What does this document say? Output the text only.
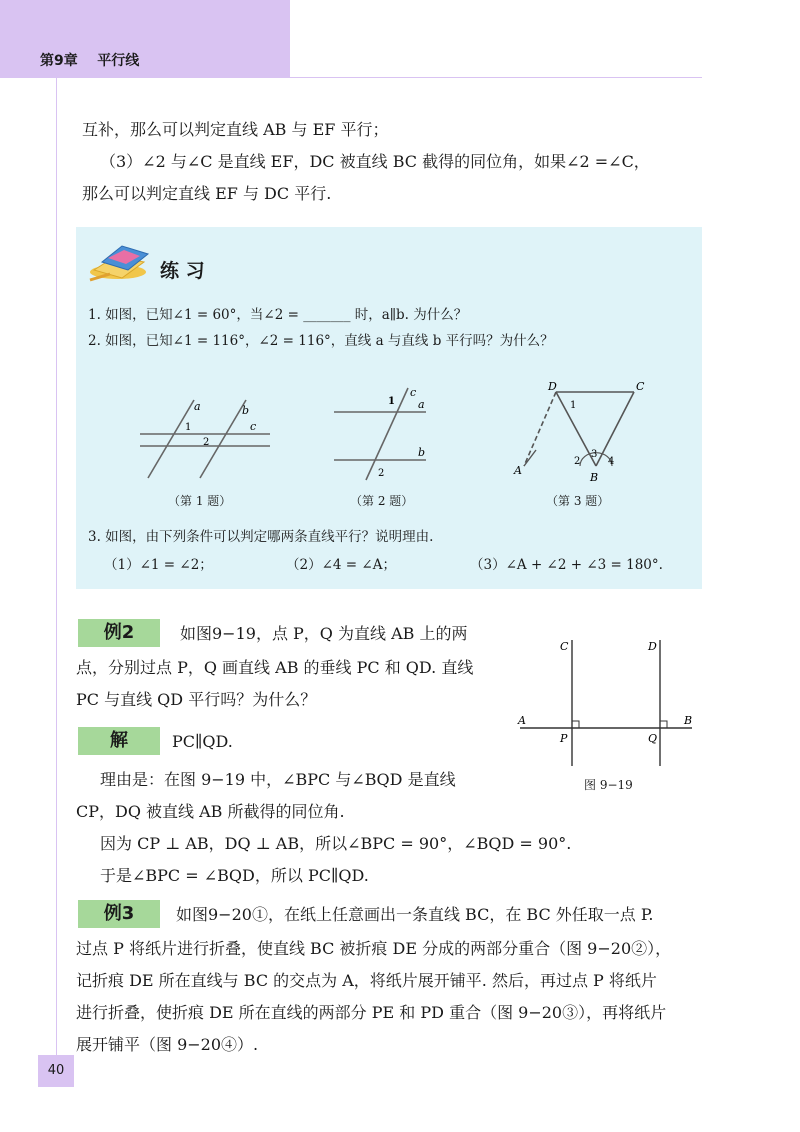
第9章    平行线
互补，那么可以判定直线 AB 与 EF 平行；
（3）∠2 与∠C 是直线 EF，DC 被直线 BC 截得的同位角，如果∠2 =∠C，
那么可以判定直线 EF 与 DC 平行.
练 习
1. 如图，已知∠1 = 60°，当∠2 = _______ 时，a∥b. 为什么？
2. 如图，已知∠1 = 116°，∠2 = 116°，直线 a 与直线 b 平行吗？为什么？
a	b
c
1
2
（第 1 题）
c
a
b
1
2
（第 2 题）
D	C
A
B
1
2
3
4
（第 3 题）
3. 如图，由下列条件可以判定哪两条直线平行？说明理由.
（1）∠1 = ∠2；	（2）∠4 = ∠A；	（3）∠A + ∠2 + ∠3 = 180°.
例2	如图9−19，点 P，Q 为直线 AB 上的两
点，分别过点 P，Q 画直线 AB 的垂线 PC 和 QD. 直线
PC 与直线 QD 平行吗？为什么？
C	D
A	B
P	Q
图 9−19
解	PC∥QD.
理由是：在图 9−19 中，∠BPC 与∠BQD 是直线
CP，DQ 被直线 AB 所截得的同位角.
因为 CP ⊥ AB，DQ ⊥ AB，所以∠BPC = 90°，∠BQD = 90°.
于是∠BPC = ∠BQD，所以 PC∥QD.
例3	如图9−20①，在纸上任意画出一条直线 BC，在 BC 外任取一点 P.
过点 P 将纸片进行折叠，使直线 BC 被折痕 DE 分成的两部分重合（图 9−20②），
记折痕 DE 所在直线与 BC 的交点为 A，将纸片展开铺平. 然后，再过点 P 将纸片
进行折叠，使折痕 DE 所在直线的两部分 PE 和 PD 重合（图 9−20③），再将纸片
展开铺平（图 9−20④）.
40
